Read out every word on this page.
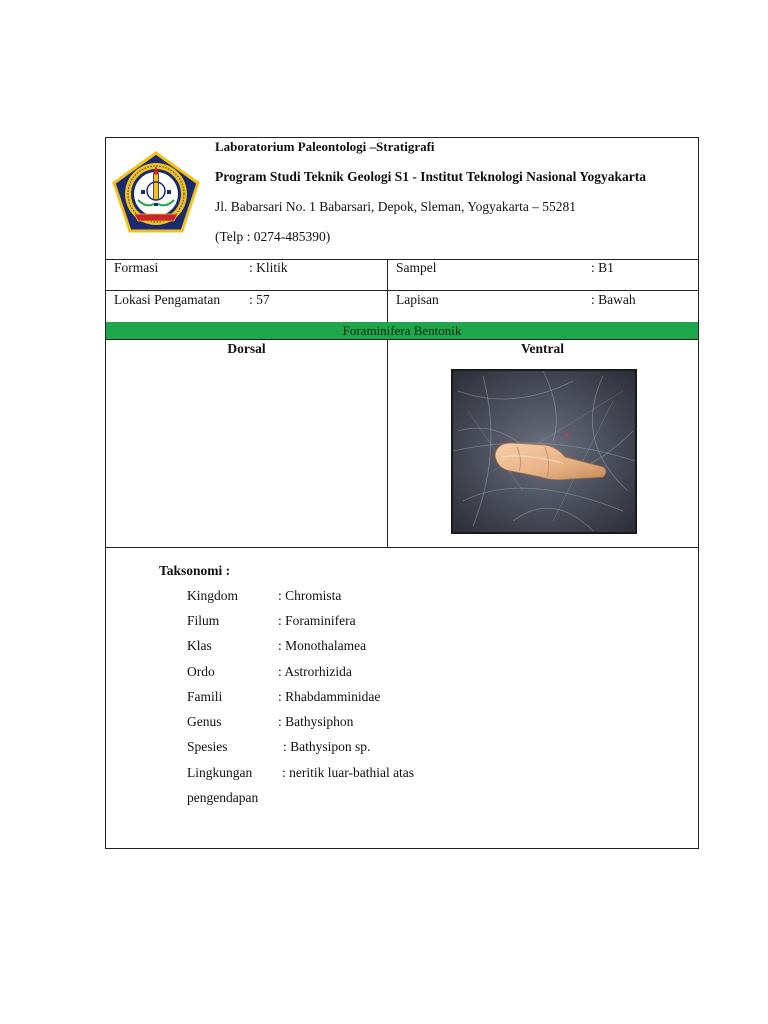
Laboratorium Paleontologi –Stratigrafi
Program Studi Teknik Geologi S1 - Institut Teknologi Nasional Yogyakarta
Jl. Babarsari No. 1 Babarsari, Depok, Sleman, Yogyakarta – 55281
(Telp : 0274-485390)
Formasi	: Klitik	Sampel	: B1
Lokasi Pengamatan : 57	Lapisan	: Bawah
Foraminifera Bentonik
Dorsal	Ventral
Taksonomi :
Kingdom	: Chromista
Filum	: Foraminifera
Klas	: Monothalamea
Ordo	: Astrorhizida
Famili	: Rhabdamminidae
Genus	: Bathysiphon
Spesies	: Bathysipon sp.
Lingkungan : neritik luar-bathial atas
pengendapan
